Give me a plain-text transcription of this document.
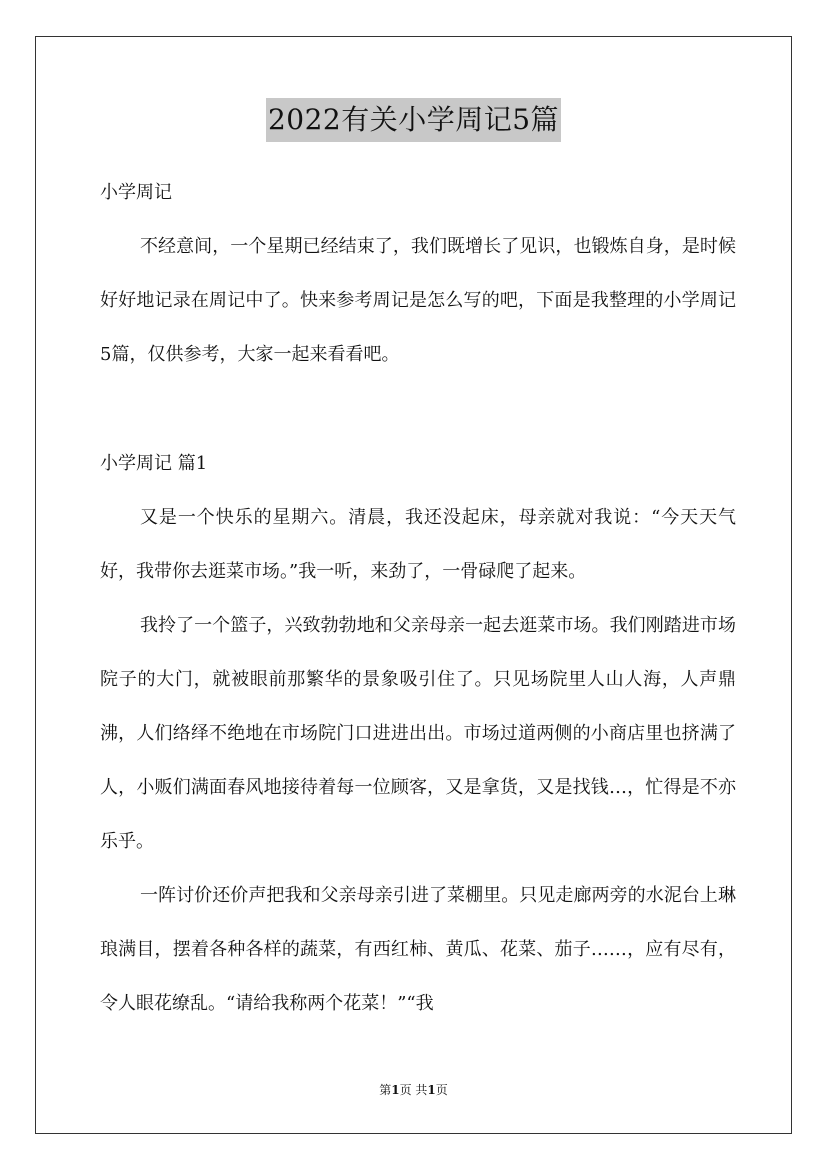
2022有关小学周记5篇
小学周记
不经意间，一个星期已经结束了，我们既增长了见识，也锻炼自身，是时候好好地记录在周记中了。快来参考周记是怎么写的吧，下面是我整理的小学周记5篇，仅供参考，大家一起来看看吧。
小学周记 篇1
又是一个快乐的星期六。清晨，我还没起床，母亲就对我说：“今天天气好，我带你去逛菜市场。”我一听，来劲了，一骨碌爬了起来。
我拎了一个篮子，兴致勃勃地和父亲母亲一起去逛菜市场。我们刚踏进市场院子的大门，就被眼前那繁华的景象吸引住了。只见场院里人山人海，人声鼎沸，人们络绎不绝地在市场院门口进进出出。市场过道两侧的小商店里也挤满了人，小贩们满面春风地接待着每一位顾客，又是拿货，又是找钱…，忙得是不亦乐乎。
一阵讨价还价声把我和父亲母亲引进了菜棚里。只见走廊两旁的水泥台上琳琅满目，摆着各种各样的蔬菜，有西红柿、黄瓜、花菜、茄子……，应有尽有，令人眼花缭乱。“请给我称两个花菜！”“我
第1页 共1页
